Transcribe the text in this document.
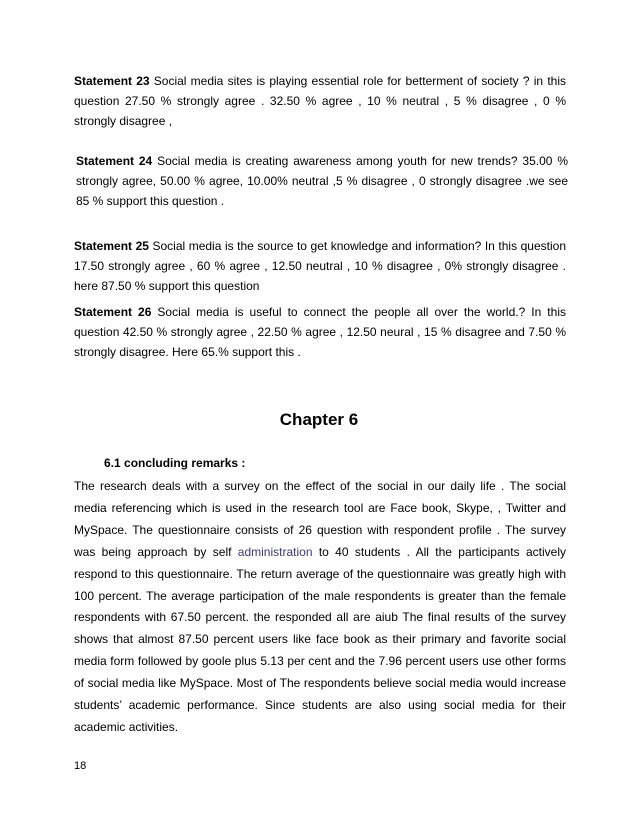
Statement 23 Social media sites is playing essential role for betterment of society ? in this question 27.50 % strongly agree . 32.50 % agree , 10 % neutral , 5 % disagree , 0 % strongly disagree ,

Statement 24 Social media is creating awareness among youth for new trends? 35.00 % strongly agree, 50.00 % agree, 10.00% neutral ,5 % disagree , 0 strongly disagree .we see 85 % support this question .

Statement 25 Social media is the source to get knowledge and information? In this question 17.50 strongly agree , 60 % agree , 12.50 neutral , 10 % disagree , 0% strongly disagree . here 87.50 % support this question

Statement 26 Social media is useful to connect the people all over the world.? In this question 42.50 % strongly agree , 22.50 % agree , 12.50 neural , 15 % disagree and 7.50 % strongly disagree. Here 65.% support this .

Chapter 6
6.1 concluding remarks :

The research deals with a survey on the effect of the social in our daily life . The social media referencing which is used in the research tool are Face book, Skype, , Twitter and MySpace. The questionnaire consists of 26 question with respondent profile . The survey was being approach by self administration to 40 students . All the participants actively respond to this questionnaire. The return average of the questionnaire was greatly high with 100 percent. The average participation of the male respondents is greater than the female respondents with 67.50 percent. the responded all are aiub The final results of the survey shows that almost 87.50 percent users like face book as their primary and favorite social media form followed by goole plus 5.13 per cent and the 7.96 percent users use other forms of social media like MySpace. Most of The respondents believe social media would increase students’ academic performance. Since students are also using social media for their academic activities.

18
